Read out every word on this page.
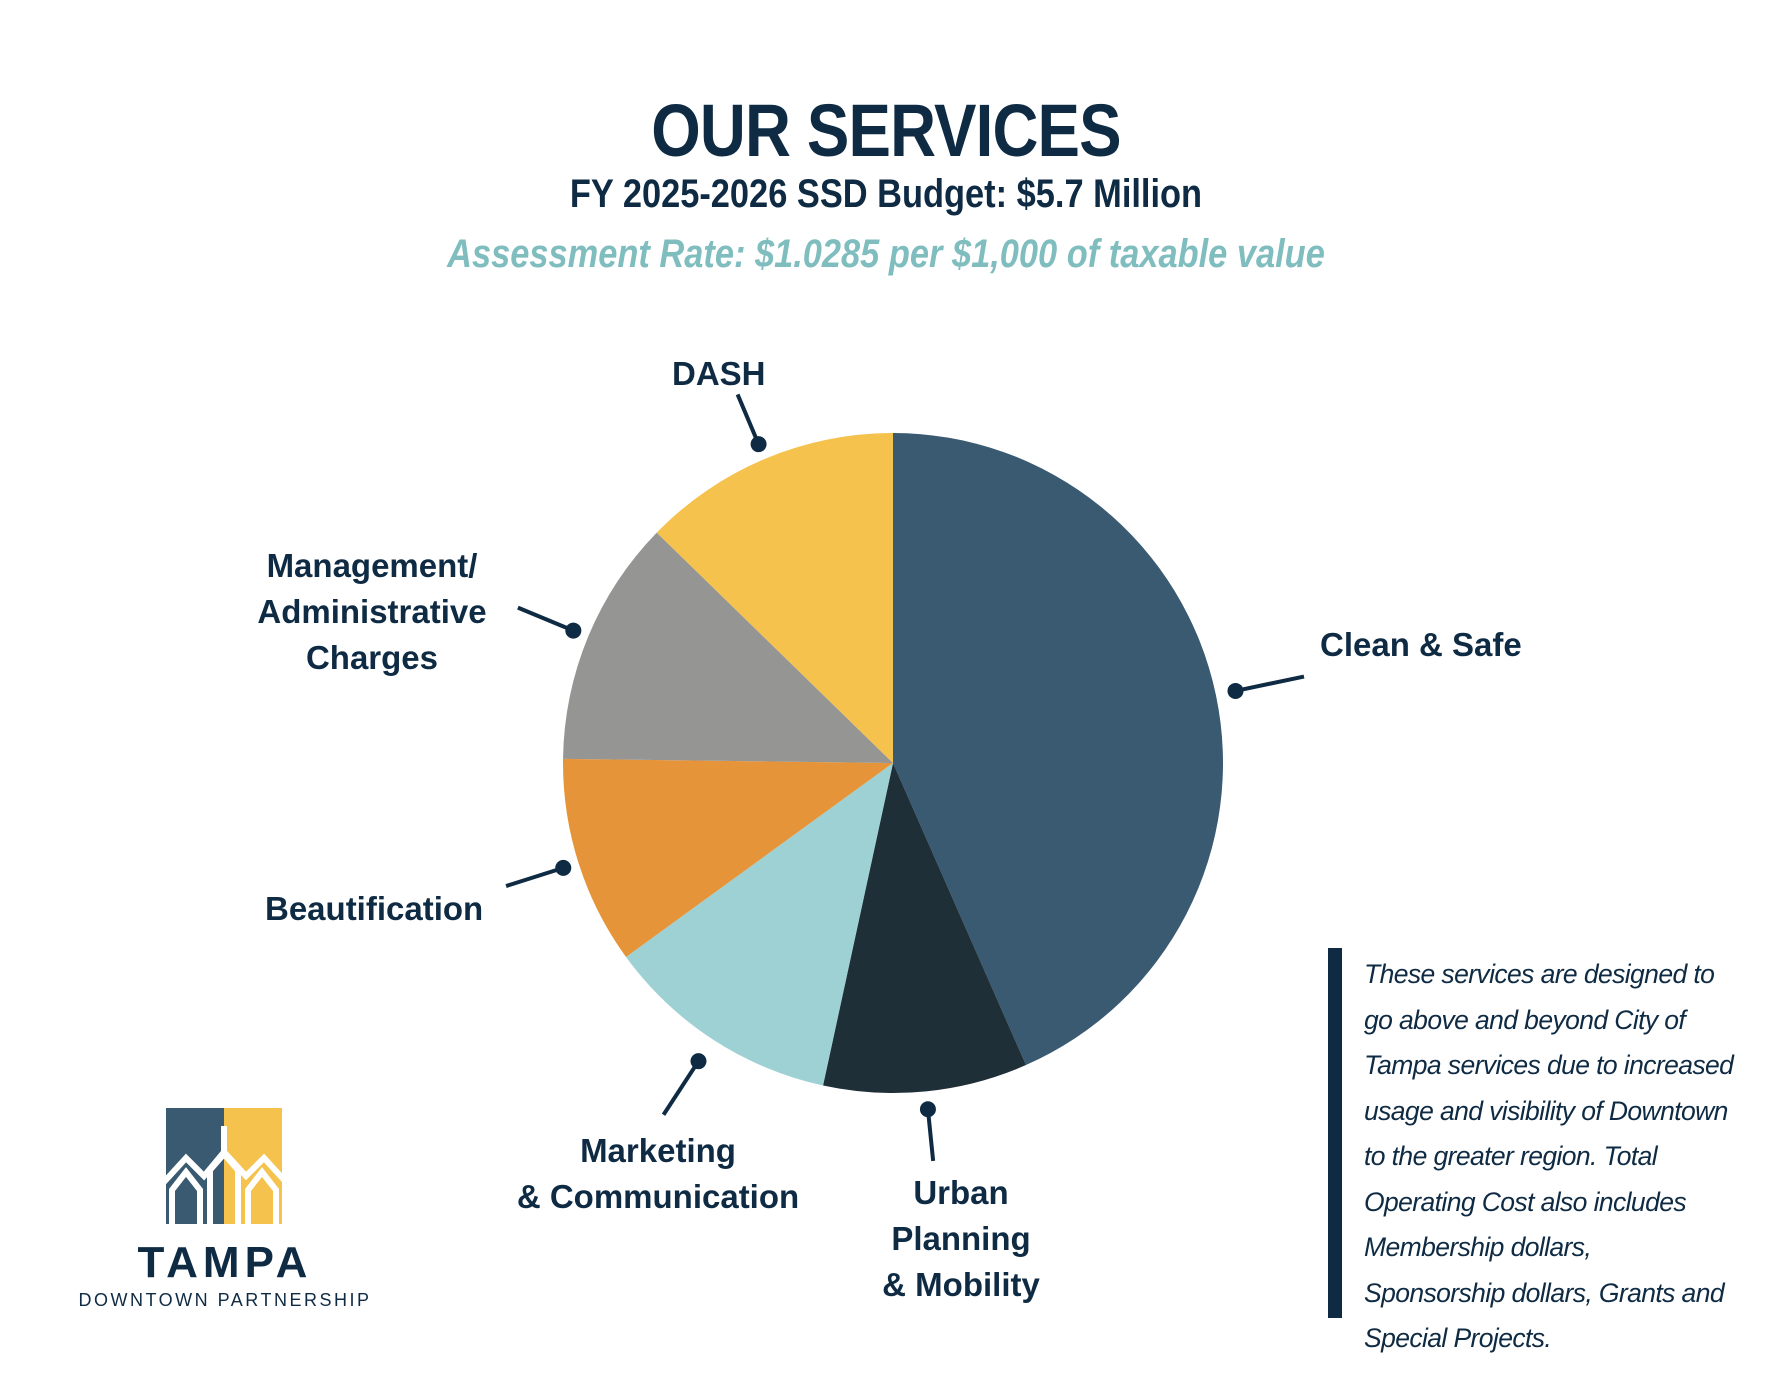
OUR SERVICES
FY 2025-2026 SSD Budget: $5.7 Million
Assessment Rate: $1.0285 per $1,000 of taxable value
Clean & Safe
Urban Planning
& Mobility
Marketing
& Communication
Beautification
Management/
Administrative
Charges
DASH
These services are designed to go above and beyond City of Tampa services due to increased usage and visibility of Downtown to the greater region. Total Operating Cost also includes Membership dollars, Sponsorship dollars, Grants and Special Projects.
TAMPA
DOWNTOWN PARTNERSHIP
